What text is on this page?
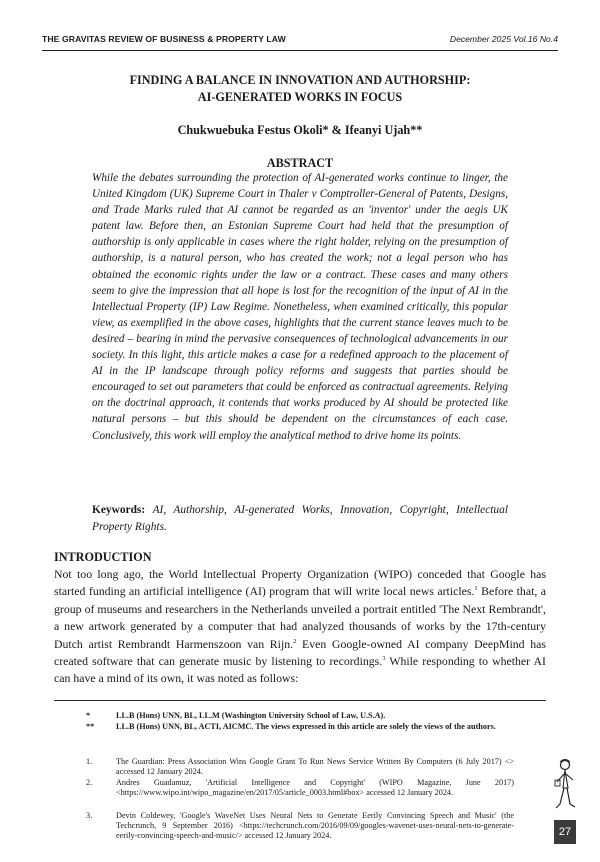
THE GRAVITAS REVIEW OF BUSINESS & PROPERTY LAW	December 2025 Vol.16 No.4
FINDING A BALANCE IN INNOVATION AND AUTHORSHIP:
AI-GENERATED WORKS IN FOCUS
Chukwuebuka Festus Okoli* & Ifeanyi Ujah**
ABSTRACT
While the debates surrounding the protection of AI-generated works continue to linger, the United Kingdom (UK) Supreme Court in Thaler v Comptroller-General of Patents, Designs, and Trade Marks ruled that AI cannot be regarded as an 'inventor' under the aegis UK patent law. Before then, an Estonian Supreme Court had held that the presumption of authorship is only applicable in cases where the right holder, relying on the presumption of authorship, is a natural person, who has created the work; not a legal person who has obtained the economic rights under the law or a contract. These cases and many others seem to give the impression that all hope is lost for the recognition of the input of AI in the Intellectual Property (IP) Law Regime. Nonetheless, when examined critically, this popular view, as exemplified in the above cases, highlights that the current stance leaves much to be desired – bearing in mind the pervasive consequences of technological advancements in our society. In this light, this article makes a case for a redefined approach to the placement of AI in the IP landscape through policy reforms and suggests that parties should be encouraged to set out parameters that could be enforced as contractual agreements. Relying on the doctrinal approach, it contends that works produced by AI should be protected like natural persons – but this should be dependent on the circumstances of each case. Conclusively, this work will employ the analytical method to drive home its points.
Keywords: AI, Authorship, AI-generated Works, Innovation, Copyright, Intellectual Property Rights.
INTRODUCTION
Not too long ago, the World Intellectual Property Organization (WIPO) conceded that Google has started funding an artificial intelligence (AI) program that will write local news articles.$^1$ Before that, a group of museums and researchers in the Netherlands unveiled a portrait entitled 'The Next Rembrandt', a new artwork generated by a computer that had analyzed thousands of works by the 17th-century Dutch artist Rembrandt Harmenszoon van Rijn.$^2$ Even Google-owned AI company DeepMind has created software that can generate music by listening to recordings.$^3$ While responding to whether AI can have a mind of its own, it was noted as follows:
*	LL.B (Hons) UNN, BL, LL.M (Washington University School of Law, U.S.A).
**	LL.B (Hons) UNN, BL, ACTI, AICMC. The views expressed in this article are solely the views of the authors.
1.	The Guardian: Press Association Wins Google Grant To Run News Service Written By Computers (6 July 2017) <> accessed 12 January 2024.
2.	Andres Guadamuz, 'Artificial Intelligence and Copyright' (WIPO Magazine, June 2017) <https://www.wipo.int/wipo_magazine/en/2017/05/article_0003.html#box> accessed 12 January 2024.
3.	Devin Coldewey, 'Google's WaveNet Uses Neural Nets to Generate Eerily Convincing Speech and Music' (the Techcrunch, 9 September 2016) <https://techcrunch.com/2016/09/09/googles-wavenet-uses-neural-nets-to-generate-eerily-convincing-speech-and-music/> accessed 12 January 2024.	27
